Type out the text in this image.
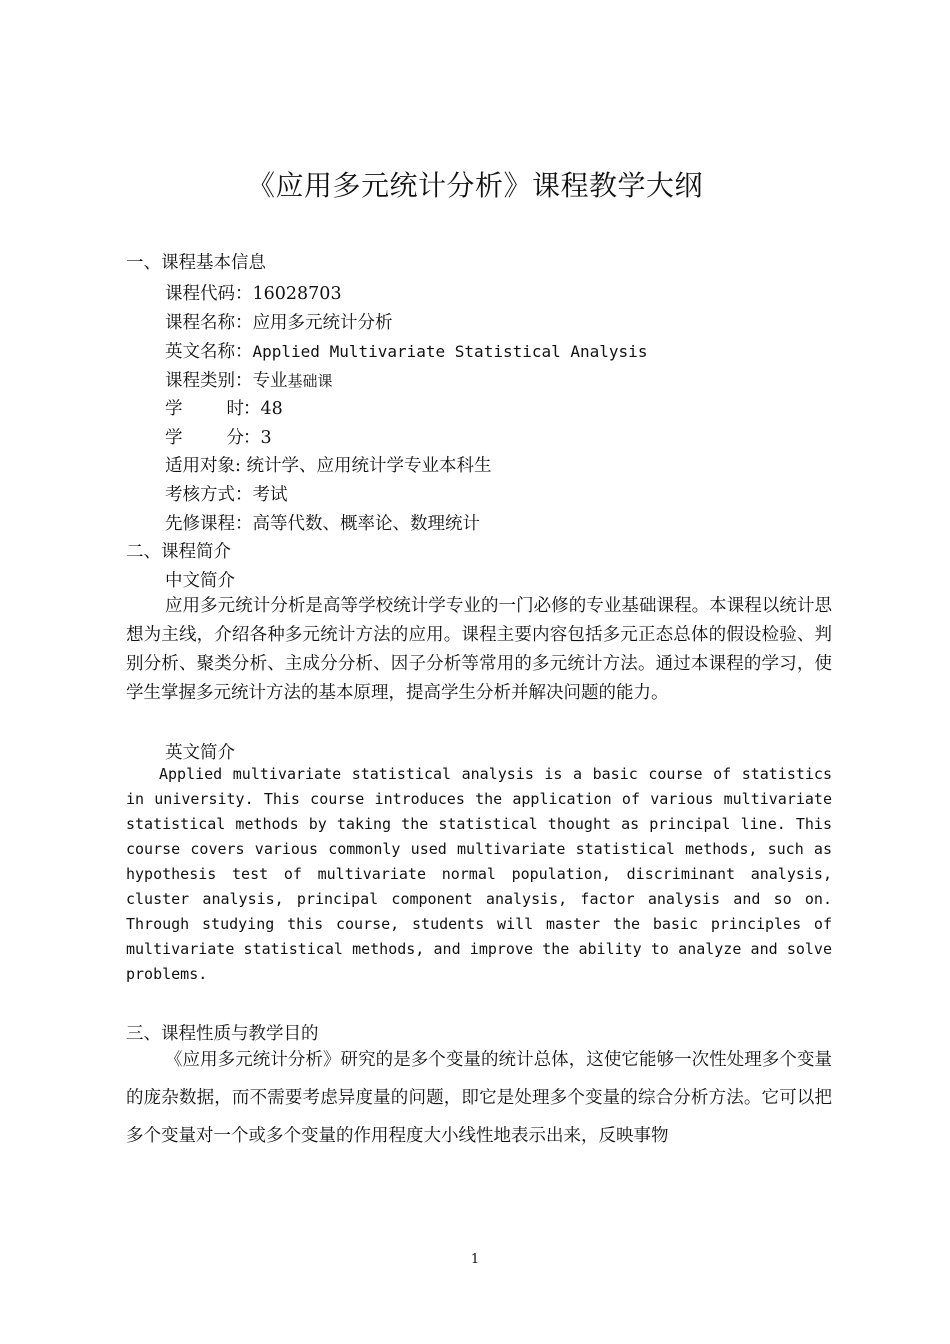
《应用多元统计分析》课程教学大纲
一、课程基本信息
课程代码：16028703
课程名称：应用多元统计分析
英文名称：Applied Multivariate Statistical Analysis
课程类别：专业基础课
学	时：48
学	分：3
适用对象: 统计学、应用统计学专业本科生
考核方式：考试
先修课程：高等代数、概率论、数理统计
二、课程简介
中文简介
应用多元统计分析是高等学校统计学专业的一门必修的专业基础课程。本课程以统计思想为主线，介绍各种多元统计方法的应用。课程主要内容包括多元正态总体的假设检验、判别分析、聚类分析、主成分分析、因子分析等常用的多元统计方法。通过本课程的学习，使学生掌握多元统计方法的基本原理，提高学生分析并解决问题的能力。
英文简介
Applied multivariate statistical analysis is a basic course of statistics in university. This course introduces the application of various multivariate statistical methods by taking the statistical thought as principal line. This course covers various commonly used multivariate statistical methods, such as hypothesis test of multivariate normal population, discriminant analysis, cluster analysis, principal component analysis, factor analysis and so on. Through studying this course, students will master the basic principles of multivariate statistical methods, and improve the ability to analyze and solve problems.
三、课程性质与教学目的
《应用多元统计分析》研究的是多个变量的统计总体，这使它能够一次性处理多个变量的庞杂数据，而不需要考虑异度量的问题，即它是处理多个变量的综合分析方法。它可以把多个变量对一个或多个变量的作用程度大小线性地表示出来，反映事物
1
